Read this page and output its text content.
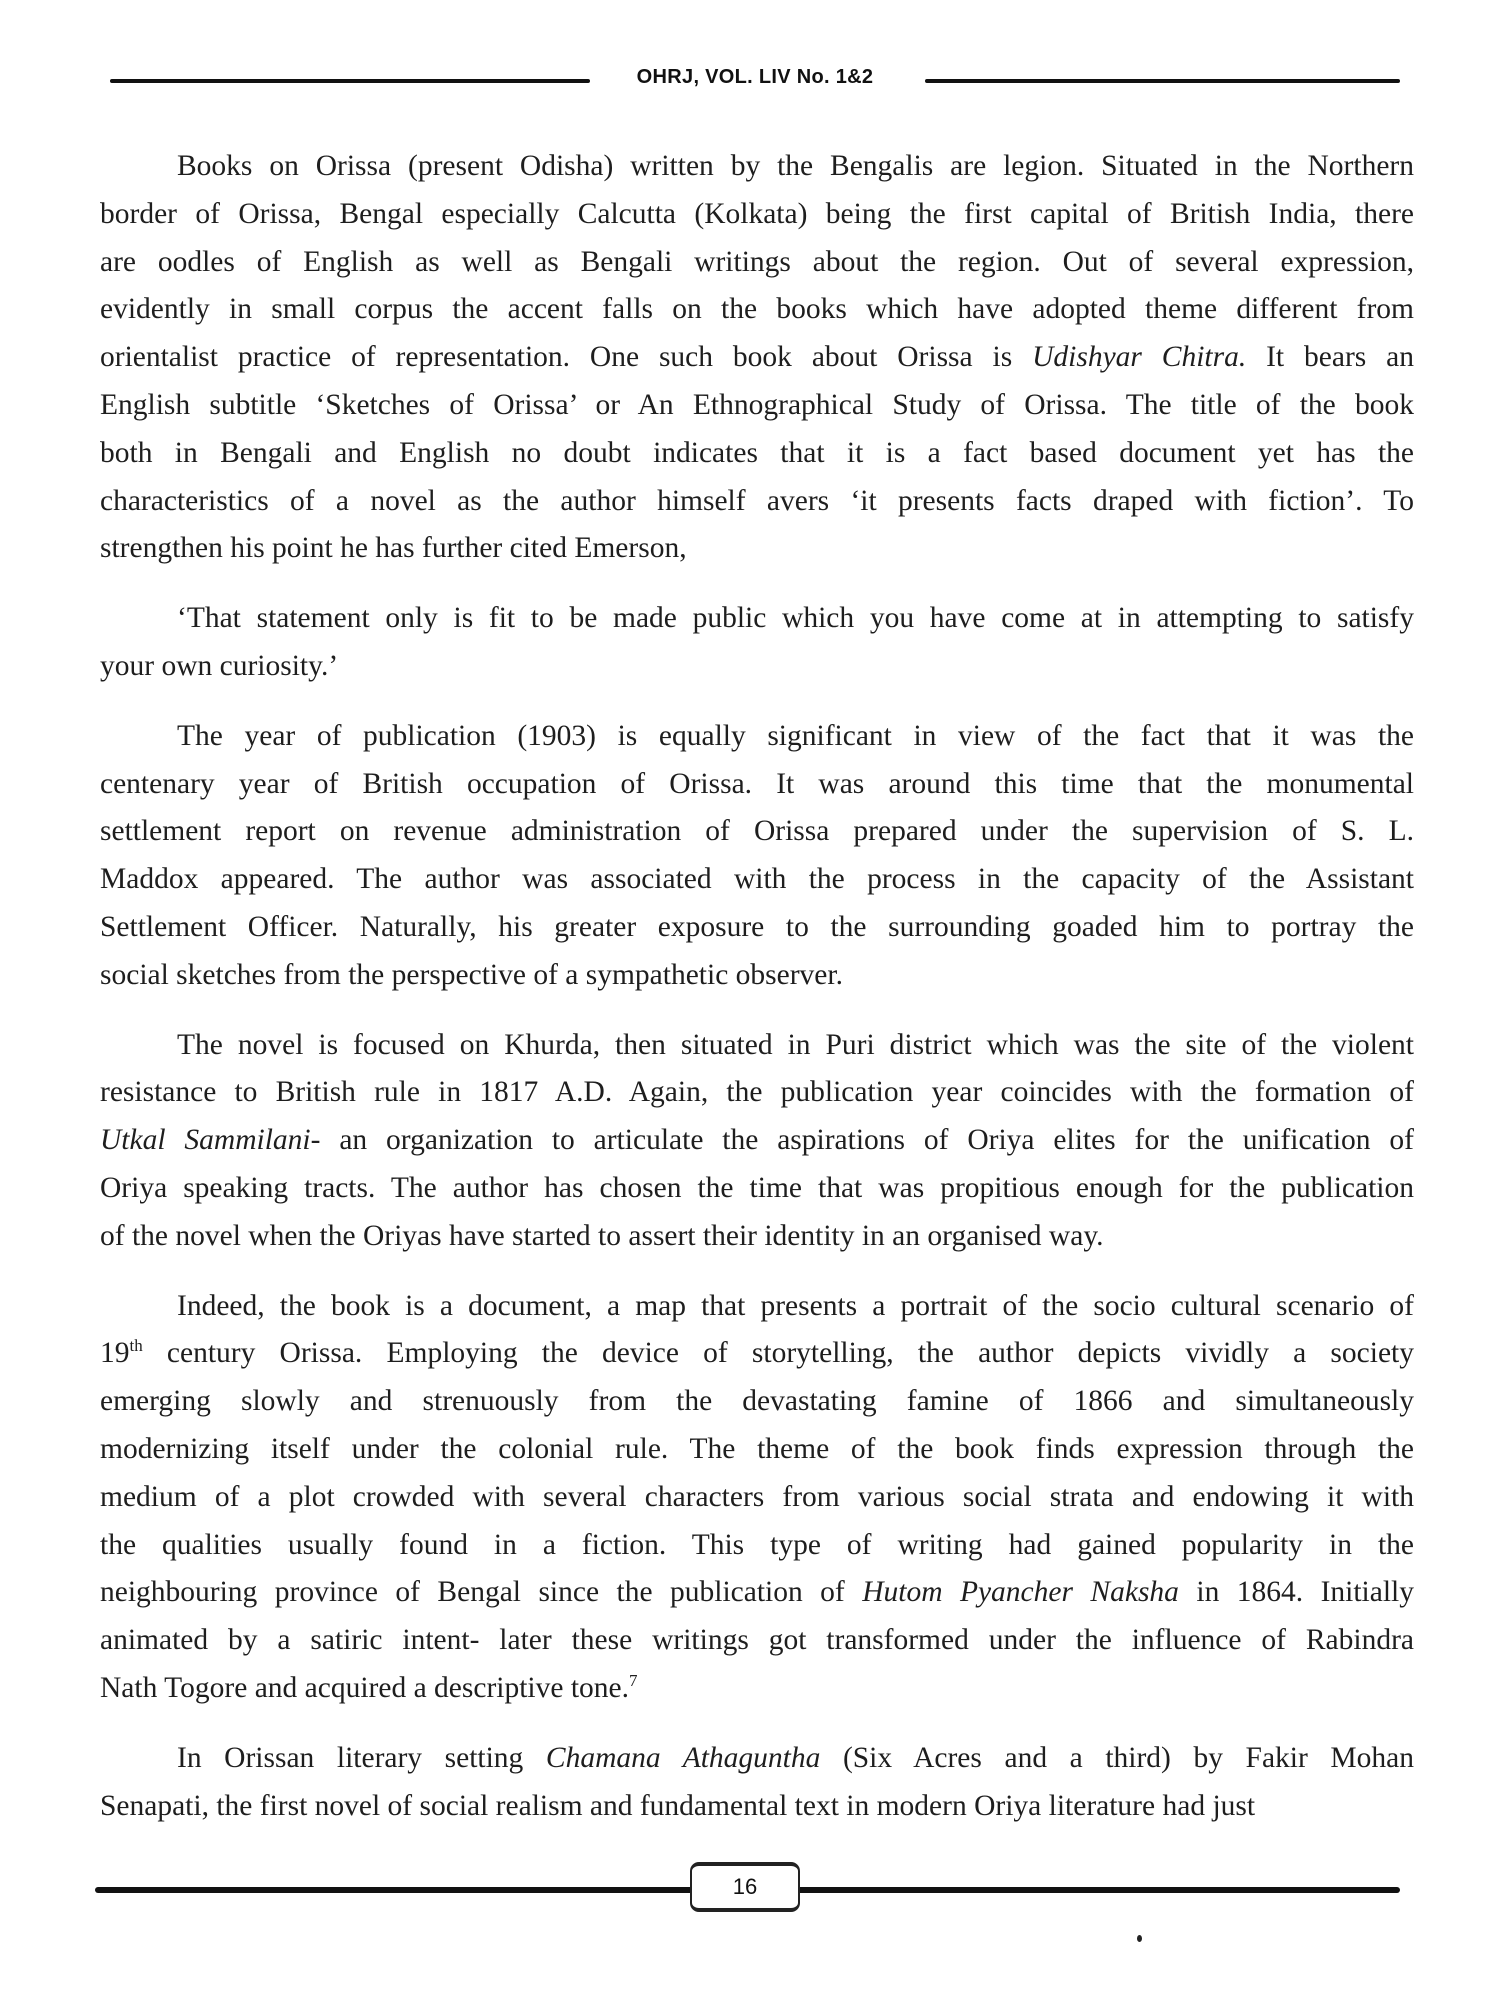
OHRJ, VOL. LIV No. 1&2
Books on Orissa (present Odisha) written by the Bengalis are legion. Situated in the Northern
border of Orissa, Bengal especially Calcutta (Kolkata) being the first capital of British India, there
are oodles of English as well as Bengali writings about the region. Out of several expression,
evidently in small corpus the accent falls on the books which have adopted theme different from
orientalist practice of representation. One such book about Orissa is Udishyar Chitra. It bears an
English subtitle ‘Sketches of Orissa’ or An Ethnographical Study of Orissa. The title of the book
both in Bengali and English no doubt indicates that it is a fact based document yet has the
characteristics of a novel as the author himself avers ‘it presents facts draped with fiction’. To
strengthen his point he has further cited Emerson,
‘That statement only is fit to be made public which you have come at in attempting to satisfy
your own curiosity.’
The year of publication (1903) is equally significant in view of the fact that it was the
centenary year of British occupation of Orissa. It was around this time that the monumental
settlement report on revenue administration of Orissa prepared under the supervision of S. L.
Maddox appeared. The author was associated with the process in the capacity of the Assistant
Settlement Officer. Naturally, his greater exposure to the surrounding goaded him to portray the
social sketches from the perspective of a sympathetic observer.
The novel is focused on Khurda, then situated in Puri district which was the site of the violent
resistance to British rule in 1817 A.D. Again, the publication year coincides with the formation of
Utkal Sammilani- an organization to articulate the aspirations of Oriya elites for the unification of
Oriya speaking tracts. The author has chosen the time that was propitious enough for the publication
of the novel when the Oriyas have started to assert their identity in an organised way.
Indeed, the book is a document, a map that presents a portrait of the socio cultural scenario of
19th century Orissa. Employing the device of storytelling, the author depicts vividly a society
emerging slowly and strenuously from the devastating famine of 1866 and simultaneously
modernizing itself under the colonial rule. The theme of the book finds expression through the
medium of a plot crowded with several characters from various social strata and endowing it with
the qualities usually found in a fiction. This type of writing had gained popularity in the
neighbouring province of Bengal since the publication of Hutom Pyancher Naksha in 1864. Initially
animated by a satiric intent- later these writings got transformed under the influence of Rabindra
Nath Togore and acquired a descriptive tone.$^7$
In Orissan literary setting Chamana Athaguntha (Six Acres and a third) by Fakir Mohan
Senapati, the first novel of social realism and fundamental text in modern Oriya literature had just
16
